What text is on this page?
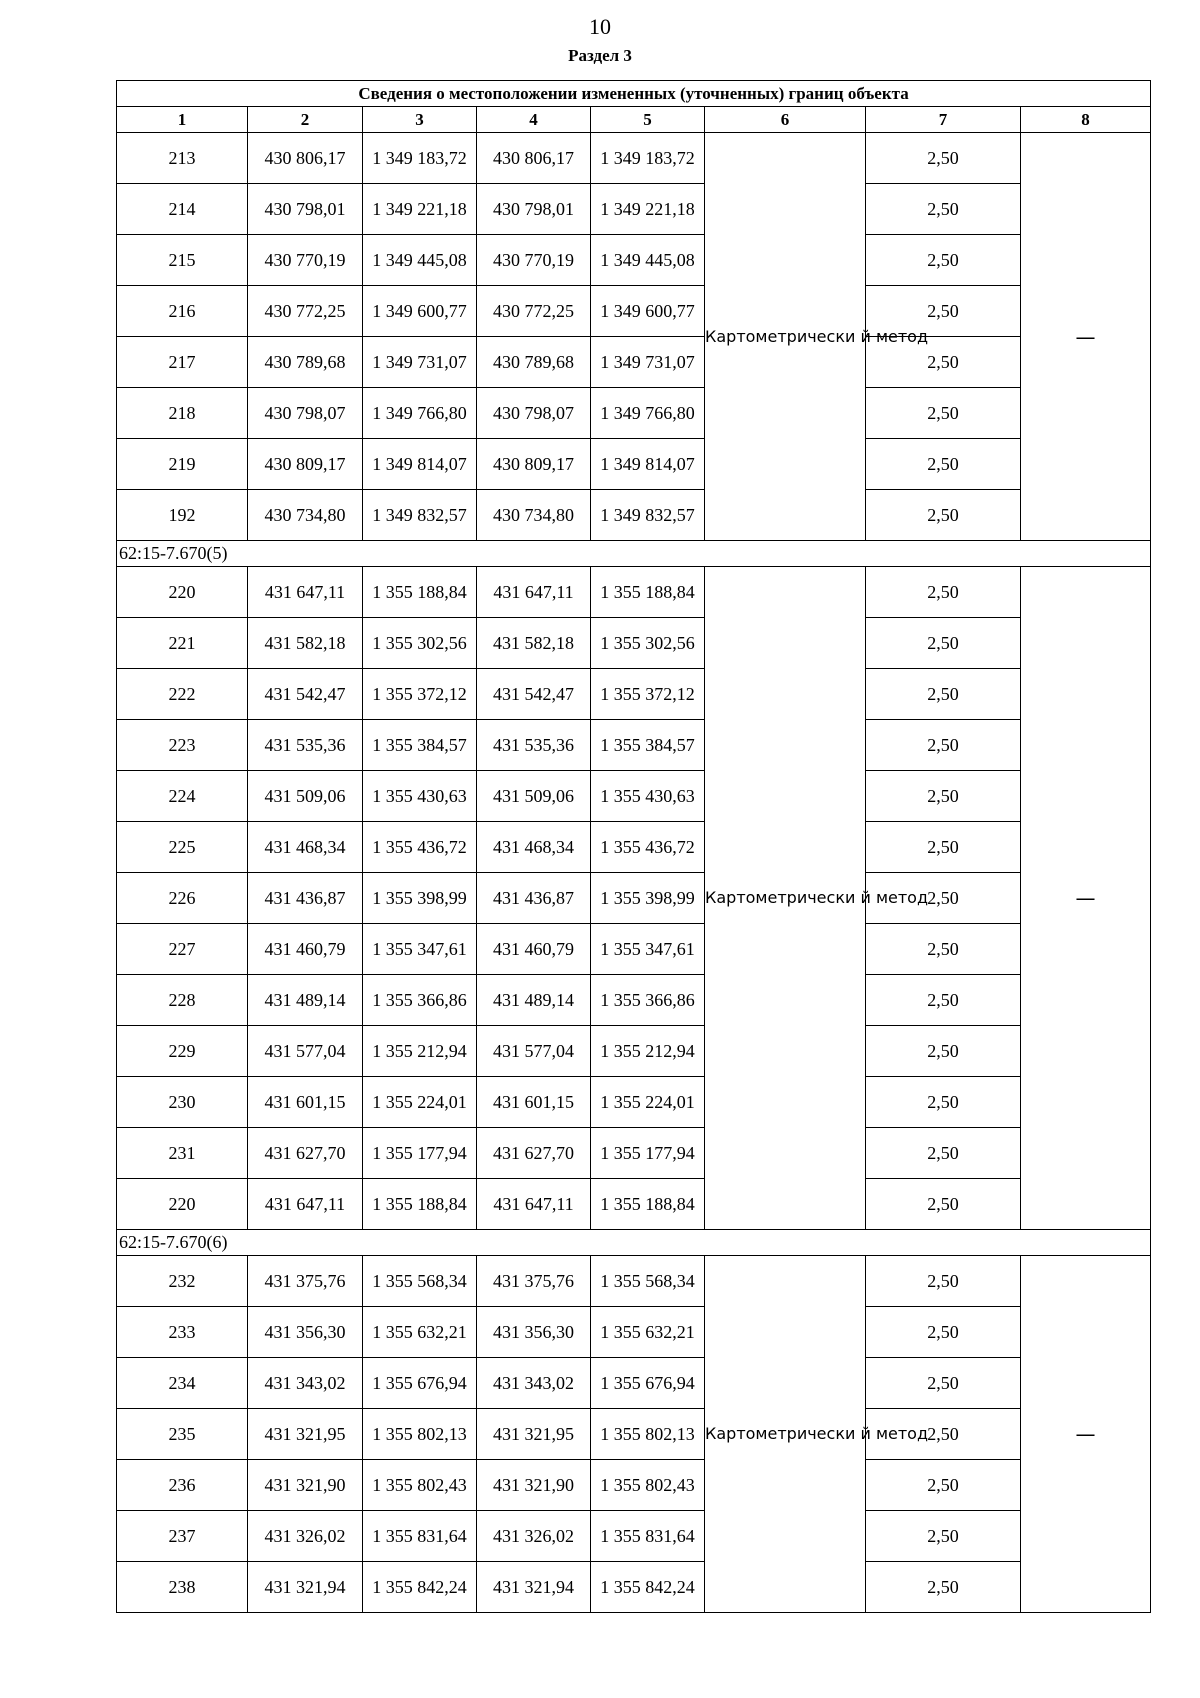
10
Раздел 3
Сведения о местоположении измененных (уточненных) границ объекта							
1	2	3	4	5	6	7	8
213	430 806,17	1 349 183,72	430 806,17	1 349 183,72	Картометрически й метод	2,50	—
214	430 798,01	1 349 221,18	430 798,01	1 349 221,18		2,50	
215	430 770,19	1 349 445,08	430 770,19	1 349 445,08		2,50	
216	430 772,25	1 349 600,77	430 772,25	1 349 600,77		2,50	
217	430 789,68	1 349 731,07	430 789,68	1 349 731,07		2,50	
218	430 798,07	1 349 766,80	430 798,07	1 349 766,80		2,50	
219	430 809,17	1 349 814,07	430 809,17	1 349 814,07		2,50	
192	430 734,80	1 349 832,57	430 734,80	1 349 832,57		2,50	
62:15-7.670(5)							
220	431 647,11	1 355 188,84	431 647,11	1 355 188,84	Картометрически й метод	2,50	—
221	431 582,18	1 355 302,56	431 582,18	1 355 302,56		2,50	
222	431 542,47	1 355 372,12	431 542,47	1 355 372,12		2,50	
223	431 535,36	1 355 384,57	431 535,36	1 355 384,57		2,50	
224	431 509,06	1 355 430,63	431 509,06	1 355 430,63		2,50	
225	431 468,34	1 355 436,72	431 468,34	1 355 436,72		2,50	
226	431 436,87	1 355 398,99	431 436,87	1 355 398,99		2,50	
227	431 460,79	1 355 347,61	431 460,79	1 355 347,61		2,50	
228	431 489,14	1 355 366,86	431 489,14	1 355 366,86		2,50	
229	431 577,04	1 355 212,94	431 577,04	1 355 212,94		2,50	
230	431 601,15	1 355 224,01	431 601,15	1 355 224,01		2,50	
231	431 627,70	1 355 177,94	431 627,70	1 355 177,94		2,50	
220	431 647,11	1 355 188,84	431 647,11	1 355 188,84		2,50	
62:15-7.670(6)							
232	431 375,76	1 355 568,34	431 375,76	1 355 568,34	Картометрически й метод	2,50	—
233	431 356,30	1 355 632,21	431 356,30	1 355 632,21		2,50	
234	431 343,02	1 355 676,94	431 343,02	1 355 676,94		2,50	
235	431 321,95	1 355 802,13	431 321,95	1 355 802,13		2,50	
236	431 321,90	1 355 802,43	431 321,90	1 355 802,43		2,50	
237	431 326,02	1 355 831,64	431 326,02	1 355 831,64		2,50	
238	431 321,94	1 355 842,24	431 321,94	1 355 842,24		2,50	
